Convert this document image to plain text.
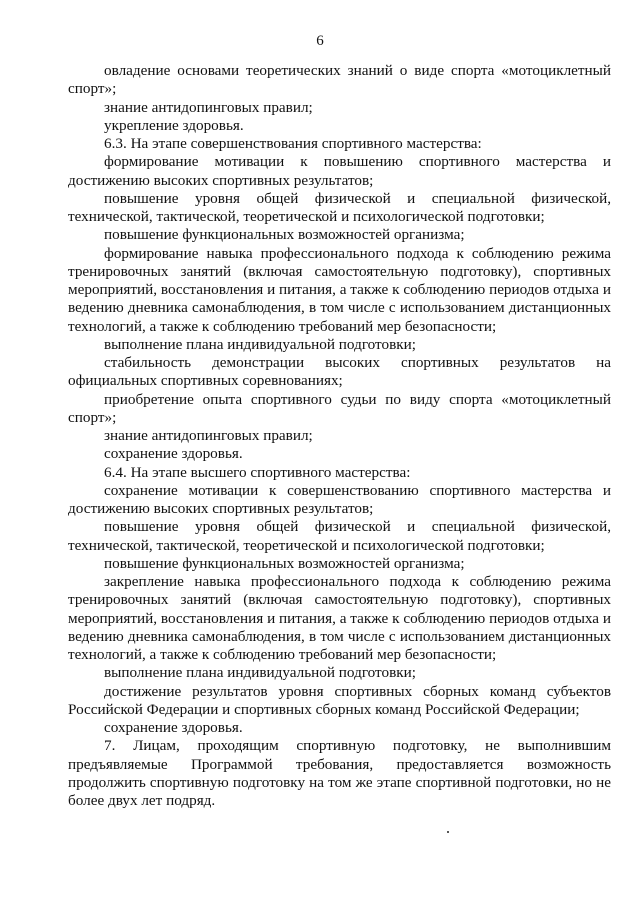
6

овладение основами теоретических знаний о виде спорта «мотоциклетный спорт»;

знание антидопинговых правил;

укрепление здоровья.

6.3. На этапе совершенствования спортивного мастерства:

формирование мотивации к повышению спортивного мастерства и достижению высоких спортивных результатов;

повышение уровня общей физической и специальной физической, технической, тактической, теоретической и психологической подготовки;

повышение функциональных возможностей организма;

формирование навыка профессионального подхода к соблюдению режима тренировочных занятий (включая самостоятельную подготовку), спортивных мероприятий, восстановления и питания, а также к соблюдению периодов отдыха и ведению дневника самонаблюдения, в том числе с использованием дистанционных технологий, а также к соблюдению требований мер безопасности;

выполнение плана индивидуальной подготовки;

стабильность демонстрации высоких спортивных результатов на официальных спортивных соревнованиях;

приобретение опыта спортивного судьи по виду спорта «мотоциклетный спорт»;

знание антидопинговых правил;

сохранение здоровья.

6.4. На этапе высшего спортивного мастерства:

сохранение мотивации к совершенствованию спортивного мастерства и достижению высоких спортивных результатов;

повышение уровня общей физической и специальной физической, технической, тактической, теоретической и психологической подготовки;

повышение функциональных возможностей организма;

закрепление навыка профессионального подхода к соблюдению режима тренировочных занятий (включая самостоятельную подготовку), спортивных мероприятий, восстановления и питания, а также к соблюдению периодов отдыха и ведению дневника самонаблюдения, в том числе с использованием дистанционных технологий, а также к соблюдению требований мер безопасности;

выполнение плана индивидуальной подготовки;

достижение результатов уровня спортивных сборных команд субъектов Российской Федерации и спортивных сборных команд Российской Федерации;

сохранение здоровья.

7. Лицам, проходящим спортивную подготовку, не выполнившим предъявляемые Программой требования, предоставляется возможность продолжить спортивную подготовку на том же этапе спортивной подготовки, но не более двух лет подряд.
